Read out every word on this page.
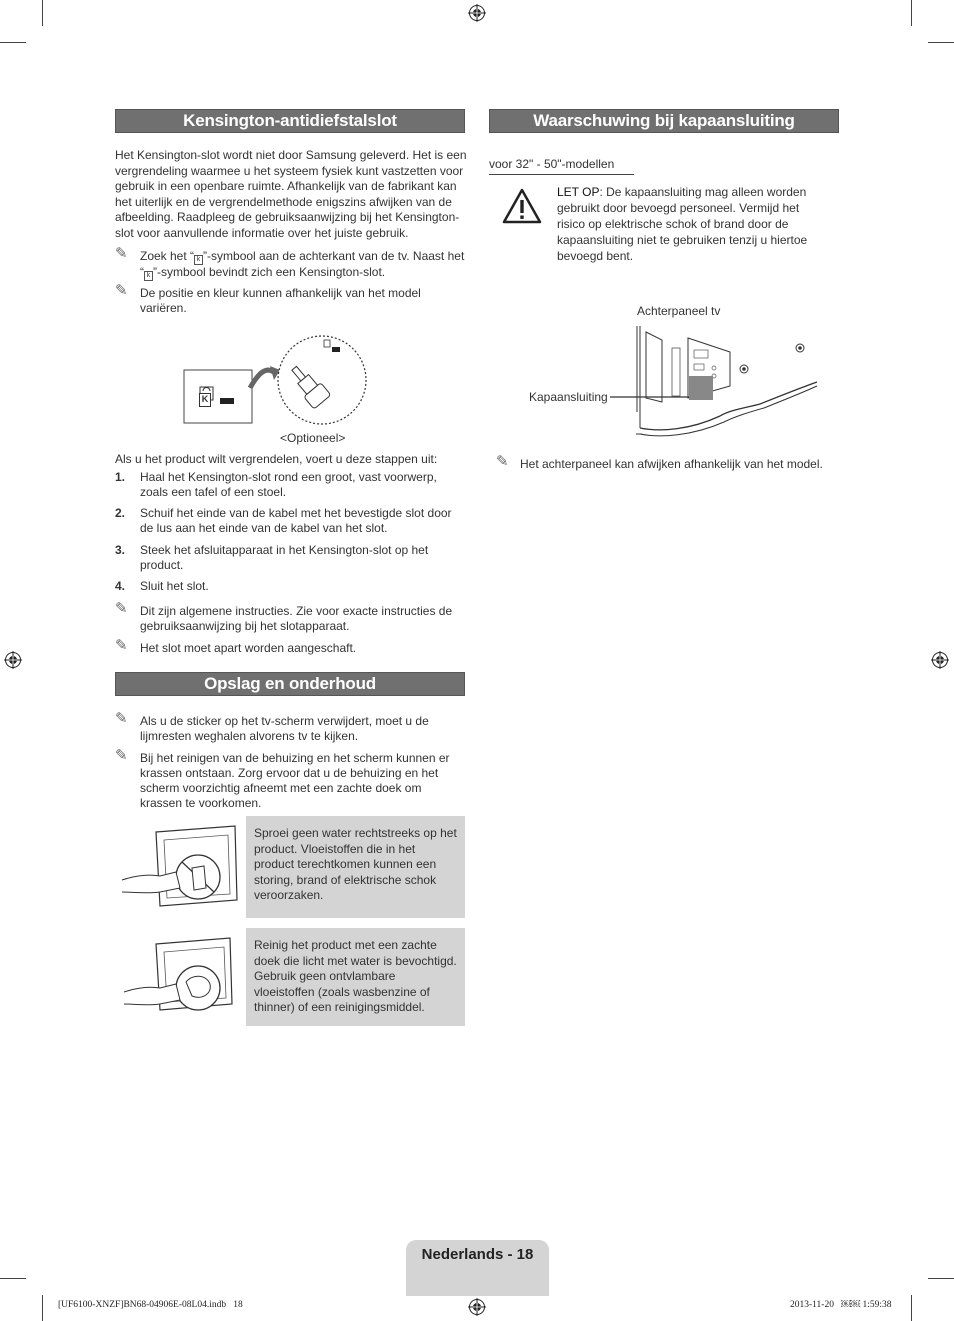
Kensington-antidiefstalslot
Het Kensington-slot wordt niet door Samsung geleverd. Het is een vergrendeling waarmee u het systeem fysiek kunt vastzetten voor gebruik in een openbare ruimte. Afhankelijk van de fabrikant kan het uiterlijk en de vergrendelmethode enigszins afwijken van de afbeelding. Raadpleeg de gebruiksaanwijzing bij het Kensington-slot voor aanvullende informatie over het juiste gebruik.
✎ Zoek het “ k ”-symbool aan de achterkant van de tv. Naast het “ k ”-symbool bevindt zich een Kensington-slot.
✎ De positie en kleur kunnen afhankelijk van het model variëren.
K
<Optioneel>
Als u het product wilt vergrendelen, voert u deze stappen uit:
1. Haal het Kensington-slot rond een groot, vast voorwerp, zoals een tafel of een stoel.
2. Schuif het einde van de kabel met het bevestigde slot door de lus aan het einde van de kabel van het slot.
3. Steek het afsluitapparaat in het Kensington-slot op het product.
4. Sluit het slot.
✎ Dit zijn algemene instructies. Zie voor exacte instructies de gebruiksaanwijzing bij het slotapparaat.
✎ Het slot moet apart worden aangeschaft.
Opslag en onderhoud
✎ Als u de sticker op het tv-scherm verwijdert, moet u de lijmresten weghalen alvorens tv te kijken.
✎ Bij het reinigen van de behuizing en het scherm kunnen er krassen ontstaan. Zorg ervoor dat u de behuizing en het scherm voorzichtig afneemt met een zachte doek om krassen te voorkomen.
Sproei geen water rechtstreeks op het product. Vloeistoffen die in het product terechtkomen kunnen een storing, brand of elektrische schok veroorzaken.
Reinig het product met een zachte doek die licht met water is bevochtigd. Gebruik geen ontvlambare vloeistoffen (zoals wasbenzine of thinner) of een reinigingsmiddel.
Waarschuwing bij kapaansluiting
voor 32" - 50"-modellen
LET OP: De kapaansluiting mag alleen worden gebruikt door bevoegd personeel. Vermijd het risico op elektrische schok of brand door de kapaansluiting niet te gebruiken tenzij u hiertoe bevoegd bent.
Achterpaneel tv
Kapaansluiting
✎ Het achterpaneel kan afwijken afhankelijk van het model.
Nederlands - 18
[UF6100-XNZF]BN68-04906E-08L04.indb   18	2013-11-20   ￼￼ 1:59:38
